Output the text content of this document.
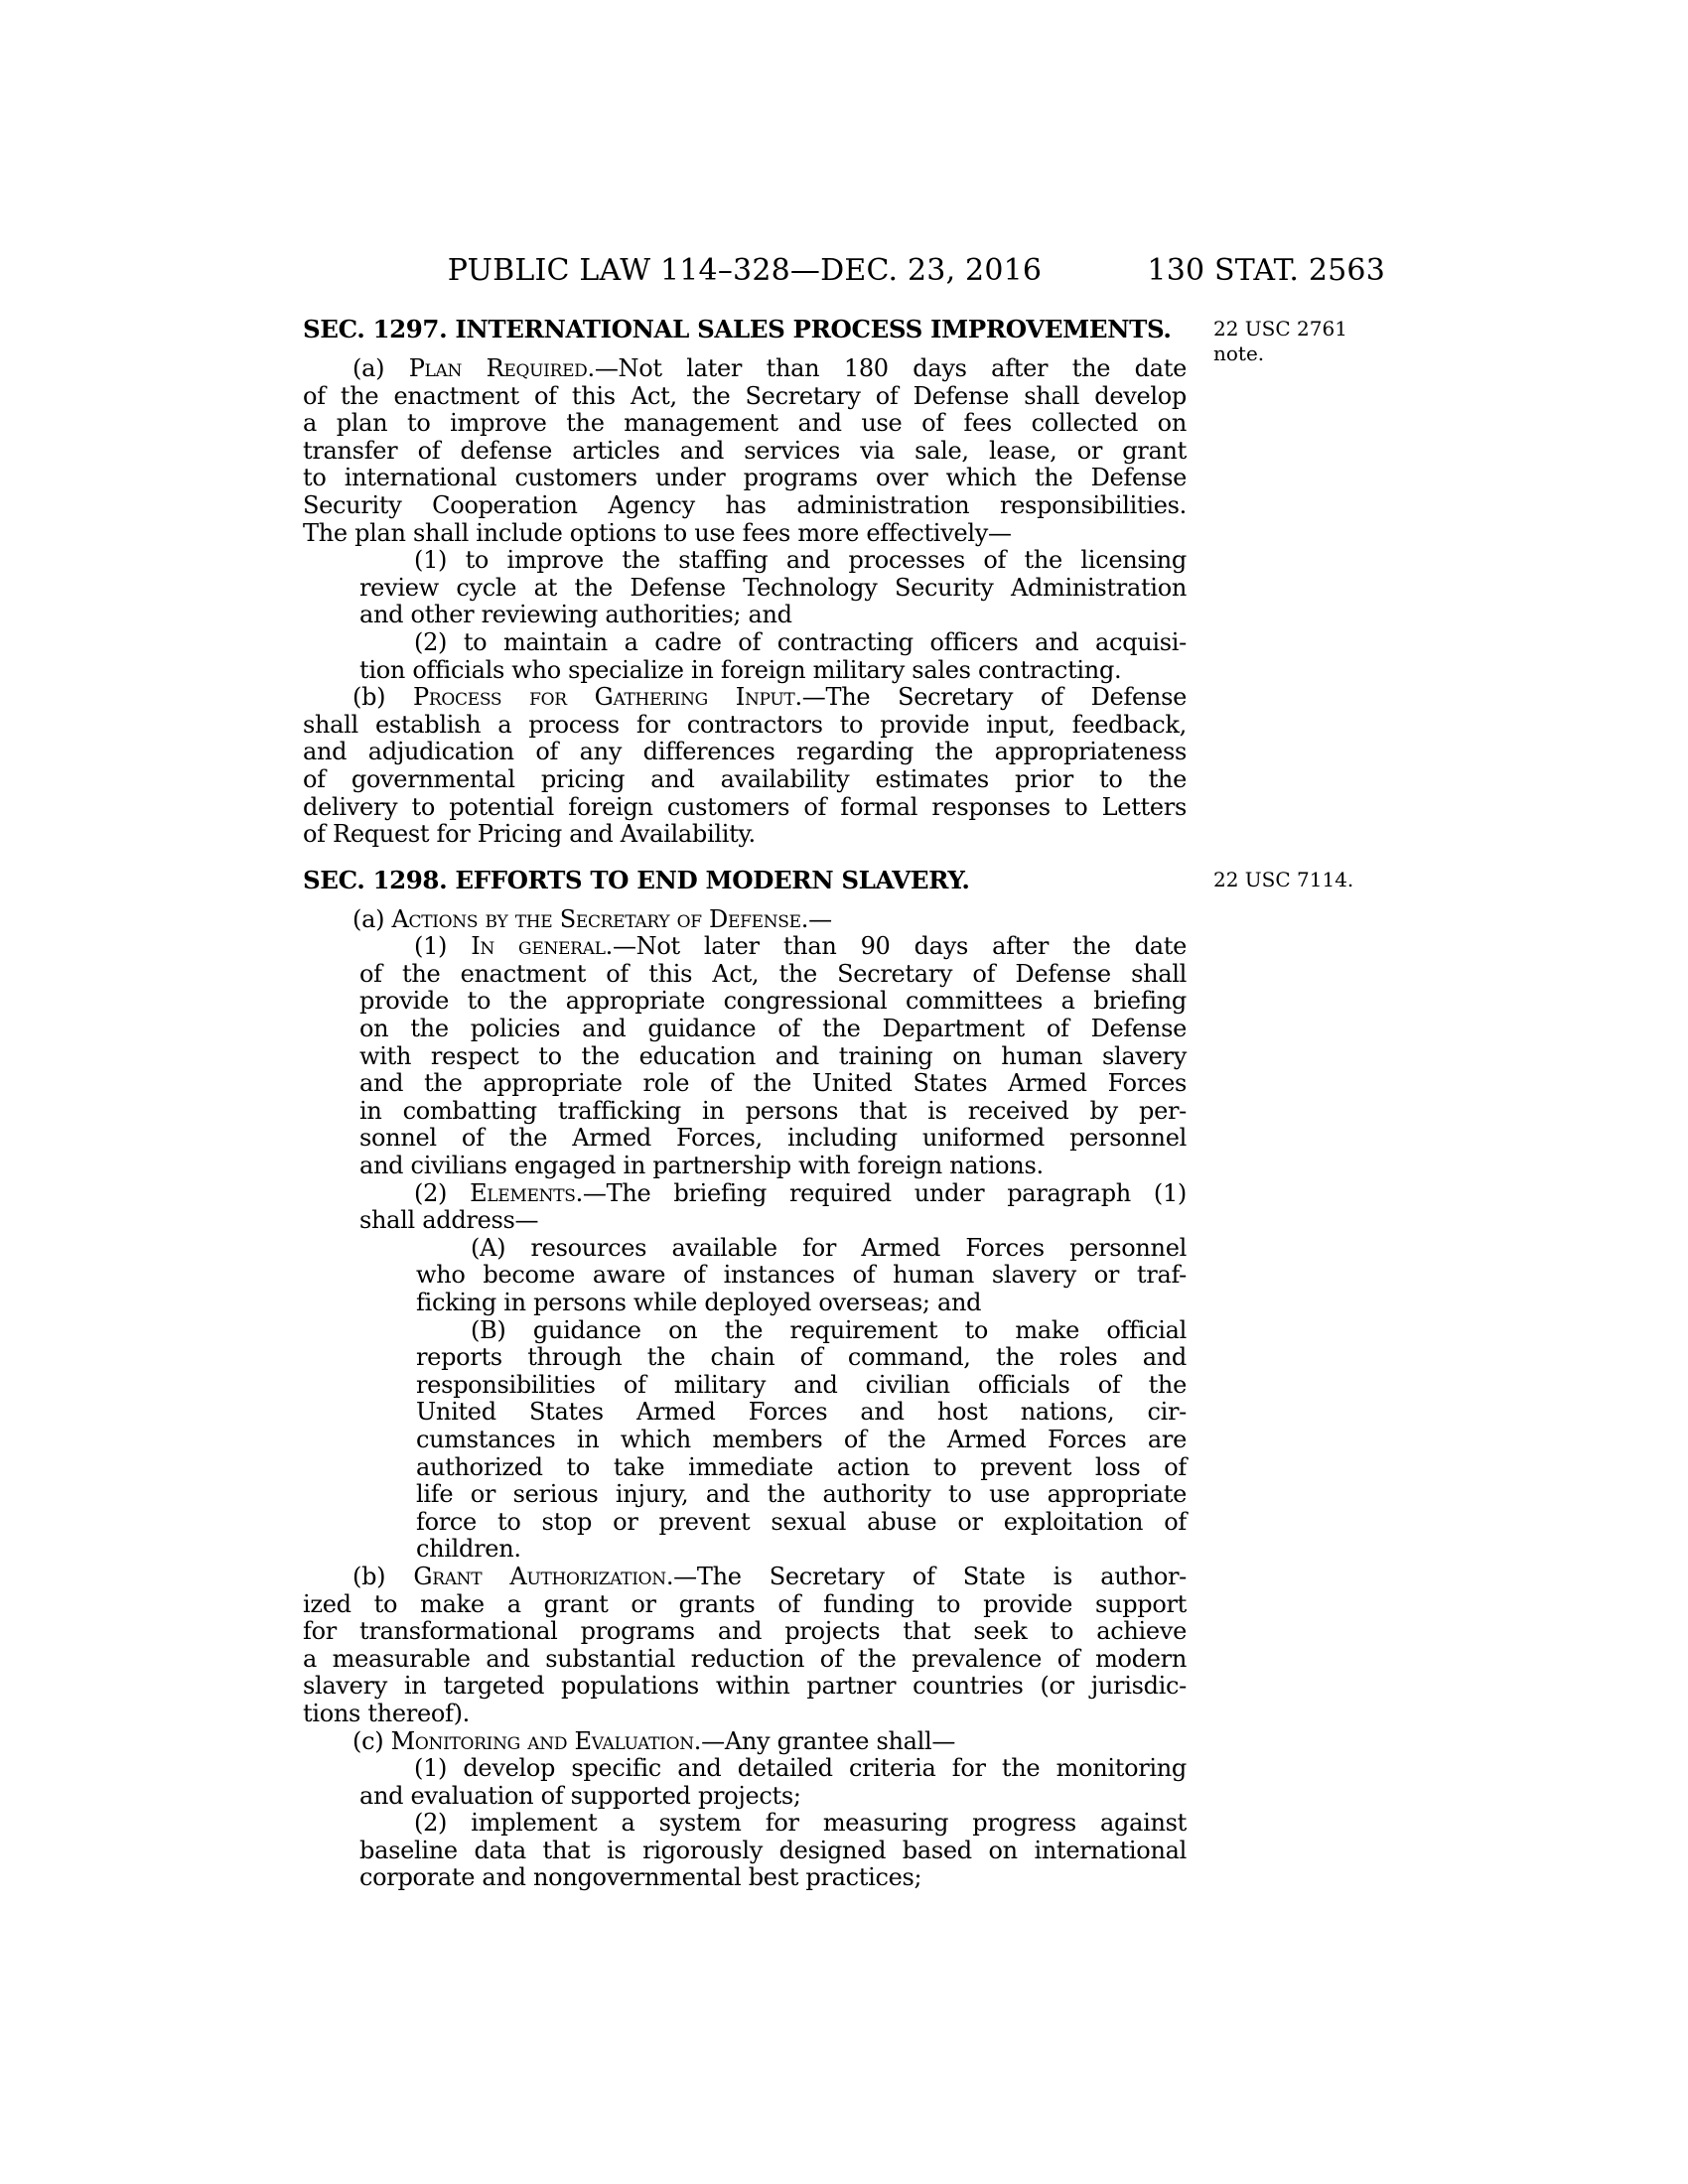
PUBLIC LAW 114–328—DEC. 23, 2016	130 STAT. 2563
SEC. 1297. INTERNATIONAL SALES PROCESS IMPROVEMENTS. 22 USC 2761
note.
(a) Plan Required.—Not later than 180 days after the date
of the enactment of this Act, the Secretary of Defense shall develop
a plan to improve the management and use of fees collected on
transfer of defense articles and services via sale, lease, or grant
to international customers under programs over which the Defense
Security Cooperation Agency has administration responsibilities.
The plan shall include options to use fees more effectively—
(1) to improve the staffing and processes of the licensing
review cycle at the Defense Technology Security Administration
and other reviewing authorities; and
(2) to maintain a cadre of contracting officers and acquisi-
tion officials who specialize in foreign military sales contracting.
(b) Process for Gathering Input.—The Secretary of Defense
shall establish a process for contractors to provide input, feedback,
and adjudication of any differences regarding the appropriateness
of governmental pricing and availability estimates prior to the
delivery to potential foreign customers of formal responses to Letters
of Request for Pricing and Availability.
SEC. 1298. EFFORTS TO END MODERN SLAVERY.	22 USC 7114.
(a) Actions by the Secretary of Defense.—
(1) In general.—Not later than 90 days after the date
of the enactment of this Act, the Secretary of Defense shall
provide to the appropriate congressional committees a briefing
on the policies and guidance of the Department of Defense
with respect to the education and training on human slavery
and the appropriate role of the United States Armed Forces
in combatting trafficking in persons that is received by per-
sonnel of the Armed Forces, including uniformed personnel
and civilians engaged in partnership with foreign nations.
(2) Elements.—The briefing required under paragraph (1)
shall address—
(A) resources available for Armed Forces personnel
who become aware of instances of human slavery or traf-
ficking in persons while deployed overseas; and
(B) guidance on the requirement to make official
reports through the chain of command, the roles and
responsibilities of military and civilian officials of the
United States Armed Forces and host nations, cir-
cumstances in which members of the Armed Forces are
authorized to take immediate action to prevent loss of
life or serious injury, and the authority to use appropriate
force to stop or prevent sexual abuse or exploitation of
children.
(b) Grant Authorization.—The Secretary of State is author-
ized to make a grant or grants of funding to provide support
for transformational programs and projects that seek to achieve
a measurable and substantial reduction of the prevalence of modern
slavery in targeted populations within partner countries (or jurisdic-
tions thereof).
(c) Monitoring and Evaluation.—Any grantee shall—
(1) develop specific and detailed criteria for the monitoring
and evaluation of supported projects;
(2) implement a system for measuring progress against
baseline data that is rigorously designed based on international
corporate and nongovernmental best practices;
